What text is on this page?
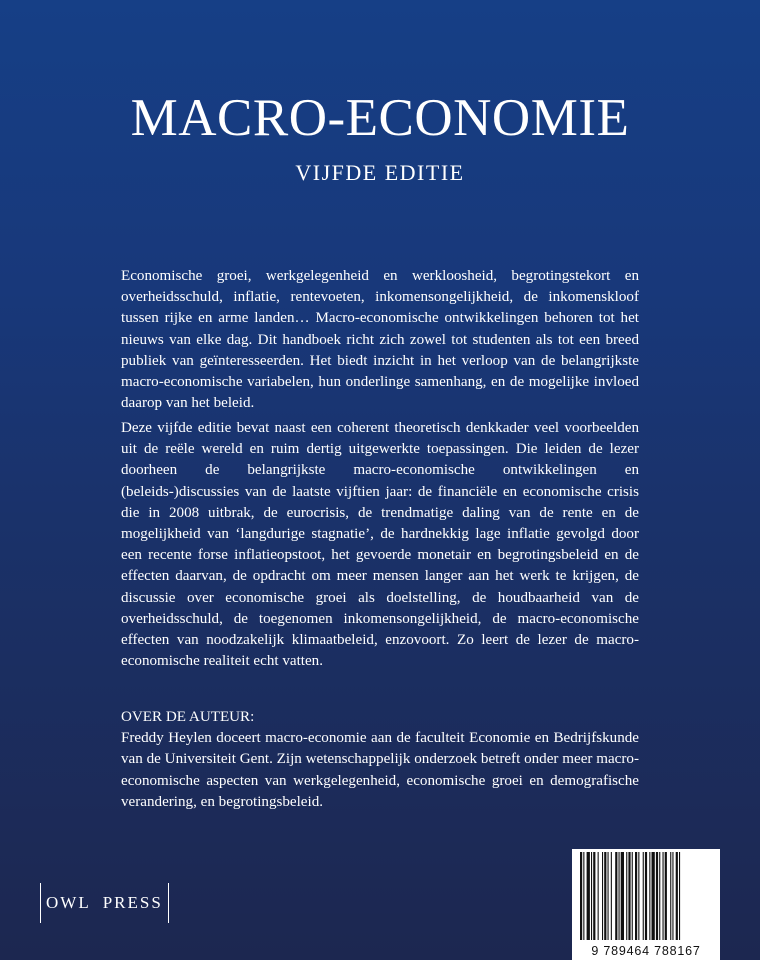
MACRO-ECONOMIE
VIJFDE EDITIE

Economische groei, werkgelegenheid en werkloosheid, begrotingstekort en overheidsschuld, inflatie, rentevoeten, inkomensongelijkheid, de inkomenskloof tussen rijke en arme landen… Macro-economische ontwikkelingen behoren tot het nieuws van elke dag. Dit handboek richt zich zowel tot studenten als tot een breed publiek van geïnteresseerden. Het biedt inzicht in het verloop van de belangrijkste macro-economische variabelen, hun onderlinge samenhang, en de mogelijke invloed daarop van het beleid.

Deze vijfde editie bevat naast een coherent theoretisch denkkader veel voorbeelden uit de reële wereld en ruim dertig uitgewerkte toepassingen. Die leiden de lezer doorheen de belangrijkste macro-economische ontwikkelingen en (beleids-)discussies van de laatste vijftien jaar: de financiële en economische crisis die in 2008 uitbrak, de eurocrisis, de trendmatige daling van de rente en de mogelijkheid van ‘langdurige stagnatie’, de hardnekkig lage inflatie gevolgd door een recente forse inflatieopstoot, het gevoerde monetair en begrotingsbeleid en de effecten daarvan, de opdracht om meer mensen langer aan het werk te krijgen, de discussie over economische groei als doelstelling, de houdbaarheid van de overheidsschuld, de toegenomen inkomensongelijkheid, de macro-economische effecten van noodzakelijk klimaatbeleid, enzovoort. Zo leert de lezer de macro-economische realiteit echt vatten.

OVER DE AUTEUR:
Freddy Heylen doceert macro-economie aan de faculteit Economie en Bedrijfskunde van de Universiteit Gent. Zijn wetenschappelijk onderzoek betreft onder meer macro-economische aspecten van werkgelegenheid, economische groei en demografische verandering, en begrotingsbeleid.
OWL PRESS
9 789464 788167
